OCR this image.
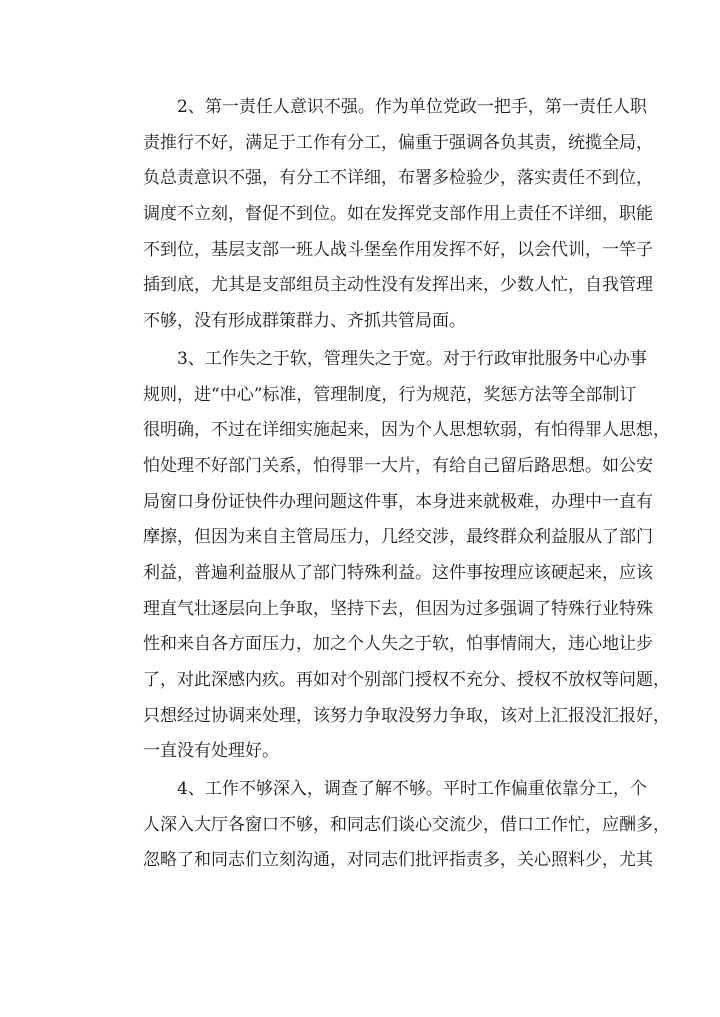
2、第一责任人意识不强。作为单位党政一把手，第一责任人职
责推行不好，满足于工作有分工，偏重于强调各负其责，统揽全局，
负总责意识不强，有分工不详细，布署多检验少，落实责任不到位，
调度不立刻，督促不到位。如在发挥党支部作用上责任不详细，职能
不到位，基层支部一班人战斗堡垒作用发挥不好，以会代训，一竿子
插到底，尤其是支部组员主动性没有发挥出来，少数人忙，自我管理
不够，没有形成群策群力、齐抓共管局面。
3、工作失之于软，管理失之于宽。对于行政审批服务中心办事
规则，进“中心”标准，管理制度，行为规范，奖惩方法等全部制订
很明确，不过在详细实施起来，因为个人思想软弱，有怕得罪人思想，
怕处理不好部门关系，怕得罪一大片，有给自己留后路思想。如公安
局窗口身份证快件办理问题这件事，本身进来就极难，办理中一直有
摩擦，但因为来自主管局压力，几经交涉，最终群众利益服从了部门
利益，普遍利益服从了部门特殊利益。这件事按理应该硬起来，应该
理直气壮逐层向上争取，坚持下去，但因为过多强调了特殊行业特殊
性和来自各方面压力，加之个人失之于软，怕事情闹大，违心地让步
了，对此深感内疚。再如对个别部门授权不充分、授权不放权等问题，
只想经过协调来处理，该努力争取没努力争取，该对上汇报没汇报好，
一直没有处理好。
4、工作不够深入，调查了解不够。平时工作偏重依靠分工，个
人深入大厅各窗口不够，和同志们谈心交流少，借口工作忙，应酬多，
忽略了和同志们立刻沟通，对同志们批评指责多，关心照料少，尤其
